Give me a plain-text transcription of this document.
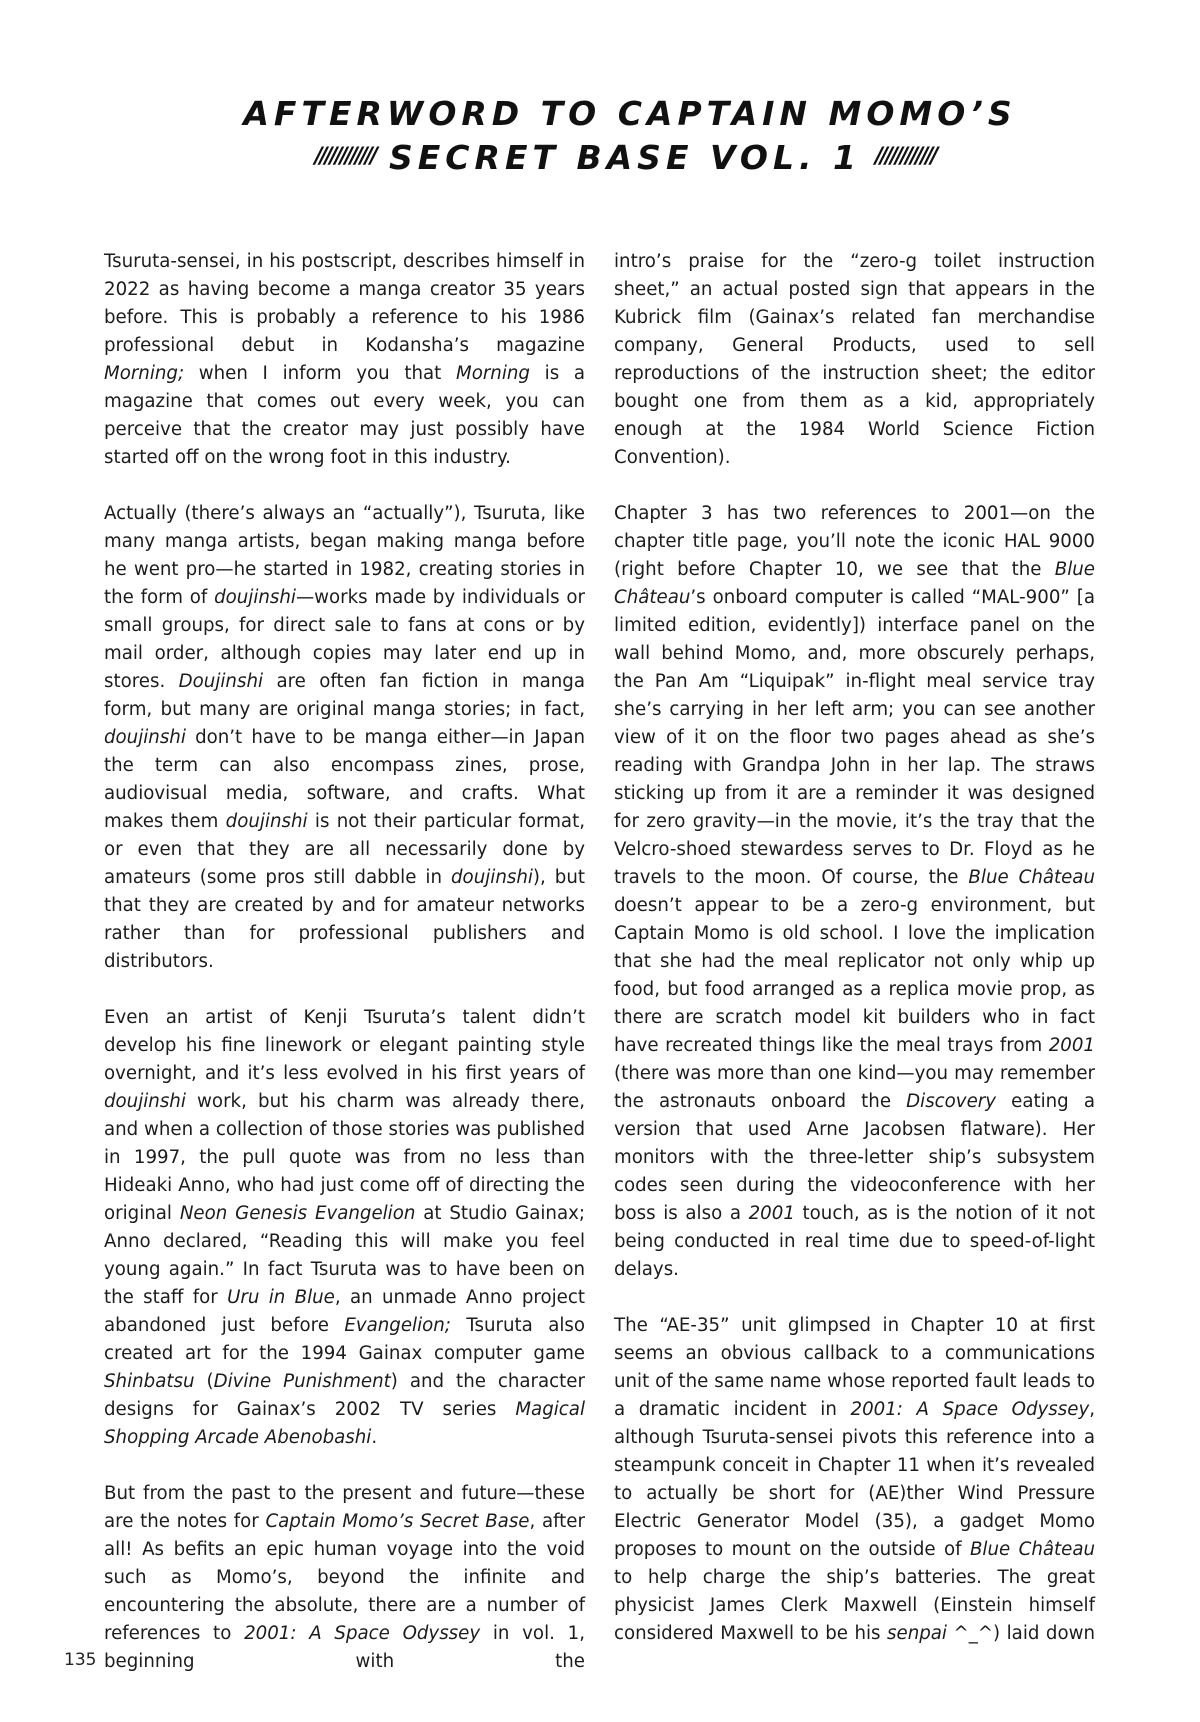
AFTERWORD TO CAPTAIN MOMO’S
//////////// SECRET BASE VOL. 1 ////////////

Tsuruta-sensei, in his postscript, describes himself in 2022 as having become a manga creator 35 years before. This is probably a reference to his 1986 professional debut in Kodansha’s magazine Morning; when I inform you that Morning is a magazine that comes out every week, you can perceive that the creator may just possibly have started off on the wrong foot in this industry.

Actually (there’s always an “actually”), Tsuruta, like many manga artists, began making manga before he went pro—he started in 1982, creating stories in the form of doujinshi—works made by individuals or small groups, for direct sale to fans at cons or by mail order, although copies may later end up in stores. Doujinshi are often fan fiction in manga form, but many are original manga stories; in fact, doujinshi don’t have to be manga either—in Japan the term can also encompass zines, prose, audiovisual media, software, and crafts. What makes them doujinshi is not their particular format, or even that they are all necessarily done by amateurs (some pros still dabble in doujinshi), but that they are created by and for amateur networks rather than for professional publishers and distributors.

Even an artist of Kenji Tsuruta’s talent didn’t develop his fine linework or elegant painting style overnight, and it’s less evolved in his first years of doujinshi work, but his charm was already there, and when a collection of those stories was published in 1997, the pull quote was from no less than Hideaki Anno, who had just come off of directing the original Neon Genesis Evangelion at Studio Gainax; Anno declared, “Reading this will make you feel young again.” In fact Tsuruta was to have been on the staff for Uru in Blue, an unmade Anno project abandoned just before Evangelion; Tsuruta also created art for the 1994 Gainax computer game Shinbatsu (Divine Punishment) and the character designs for Gainax’s 2002 TV series Magical Shopping Arcade Abenobashi.

But from the past to the present and future—these are the notes for Captain Momo’s Secret Base, after all! As befits an epic human voyage into the void such as Momo’s, beyond the infinite and encountering the absolute, there are a number of references to 2001: A Space Odyssey in vol. 1, beginning with the

intro’s praise for the “zero-g toilet instruction sheet,” an actual posted sign that appears in the Kubrick film (Gainax’s related fan merchandise company, General Products, used to sell reproductions of the instruction sheet; the editor bought one from them as a kid, appropriately enough at the 1984 World Science Fiction Convention).

Chapter 3 has two references to 2001—on the chapter title page, you’ll note the iconic HAL 9000 (right before Chapter 10, we see that the Blue Château’s onboard computer is called “MAL-900” [a limited edition, evidently]) interface panel on the wall behind Momo, and, more obscurely perhaps, the Pan Am “Liquipak” in-flight meal service tray she’s carrying in her left arm; you can see another view of it on the floor two pages ahead as she’s reading with Grandpa John in her lap. The straws sticking up from it are a reminder it was designed for zero gravity—in the movie, it’s the tray that the Velcro-shoed stewardess serves to Dr. Floyd as he travels to the moon. Of course, the Blue Château doesn’t appear to be a zero-g environment, but Captain Momo is old school. I love the implication that she had the meal replicator not only whip up food, but food arranged as a replica movie prop, as there are scratch model kit builders who in fact have recreated things like the meal trays from 2001 (there was more than one kind—you may remember the astronauts onboard the Discovery eating a version that used Arne Jacobsen flatware). Her monitors with the three-letter ship’s subsystem codes seen during the videoconference with her boss is also a 2001 touch, as is the notion of it not being conducted in real time due to speed-of-light delays.

The “AE-35” unit glimpsed in Chapter 10 at first seems an obvious callback to a communications unit of the same name whose reported fault leads to a dramatic incident in 2001: A Space Odyssey, although Tsuruta-sensei pivots this reference into a steampunk conceit in Chapter 11 when it’s revealed to actually be short for (AE)ther Wind Pressure Electric Generator Model (35), a gadget Momo proposes to mount on the outside of Blue Château to help charge the ship’s batteries. The great physicist James Clerk Maxwell (Einstein himself considered Maxwell to be his senpai ^_^) laid down

135
